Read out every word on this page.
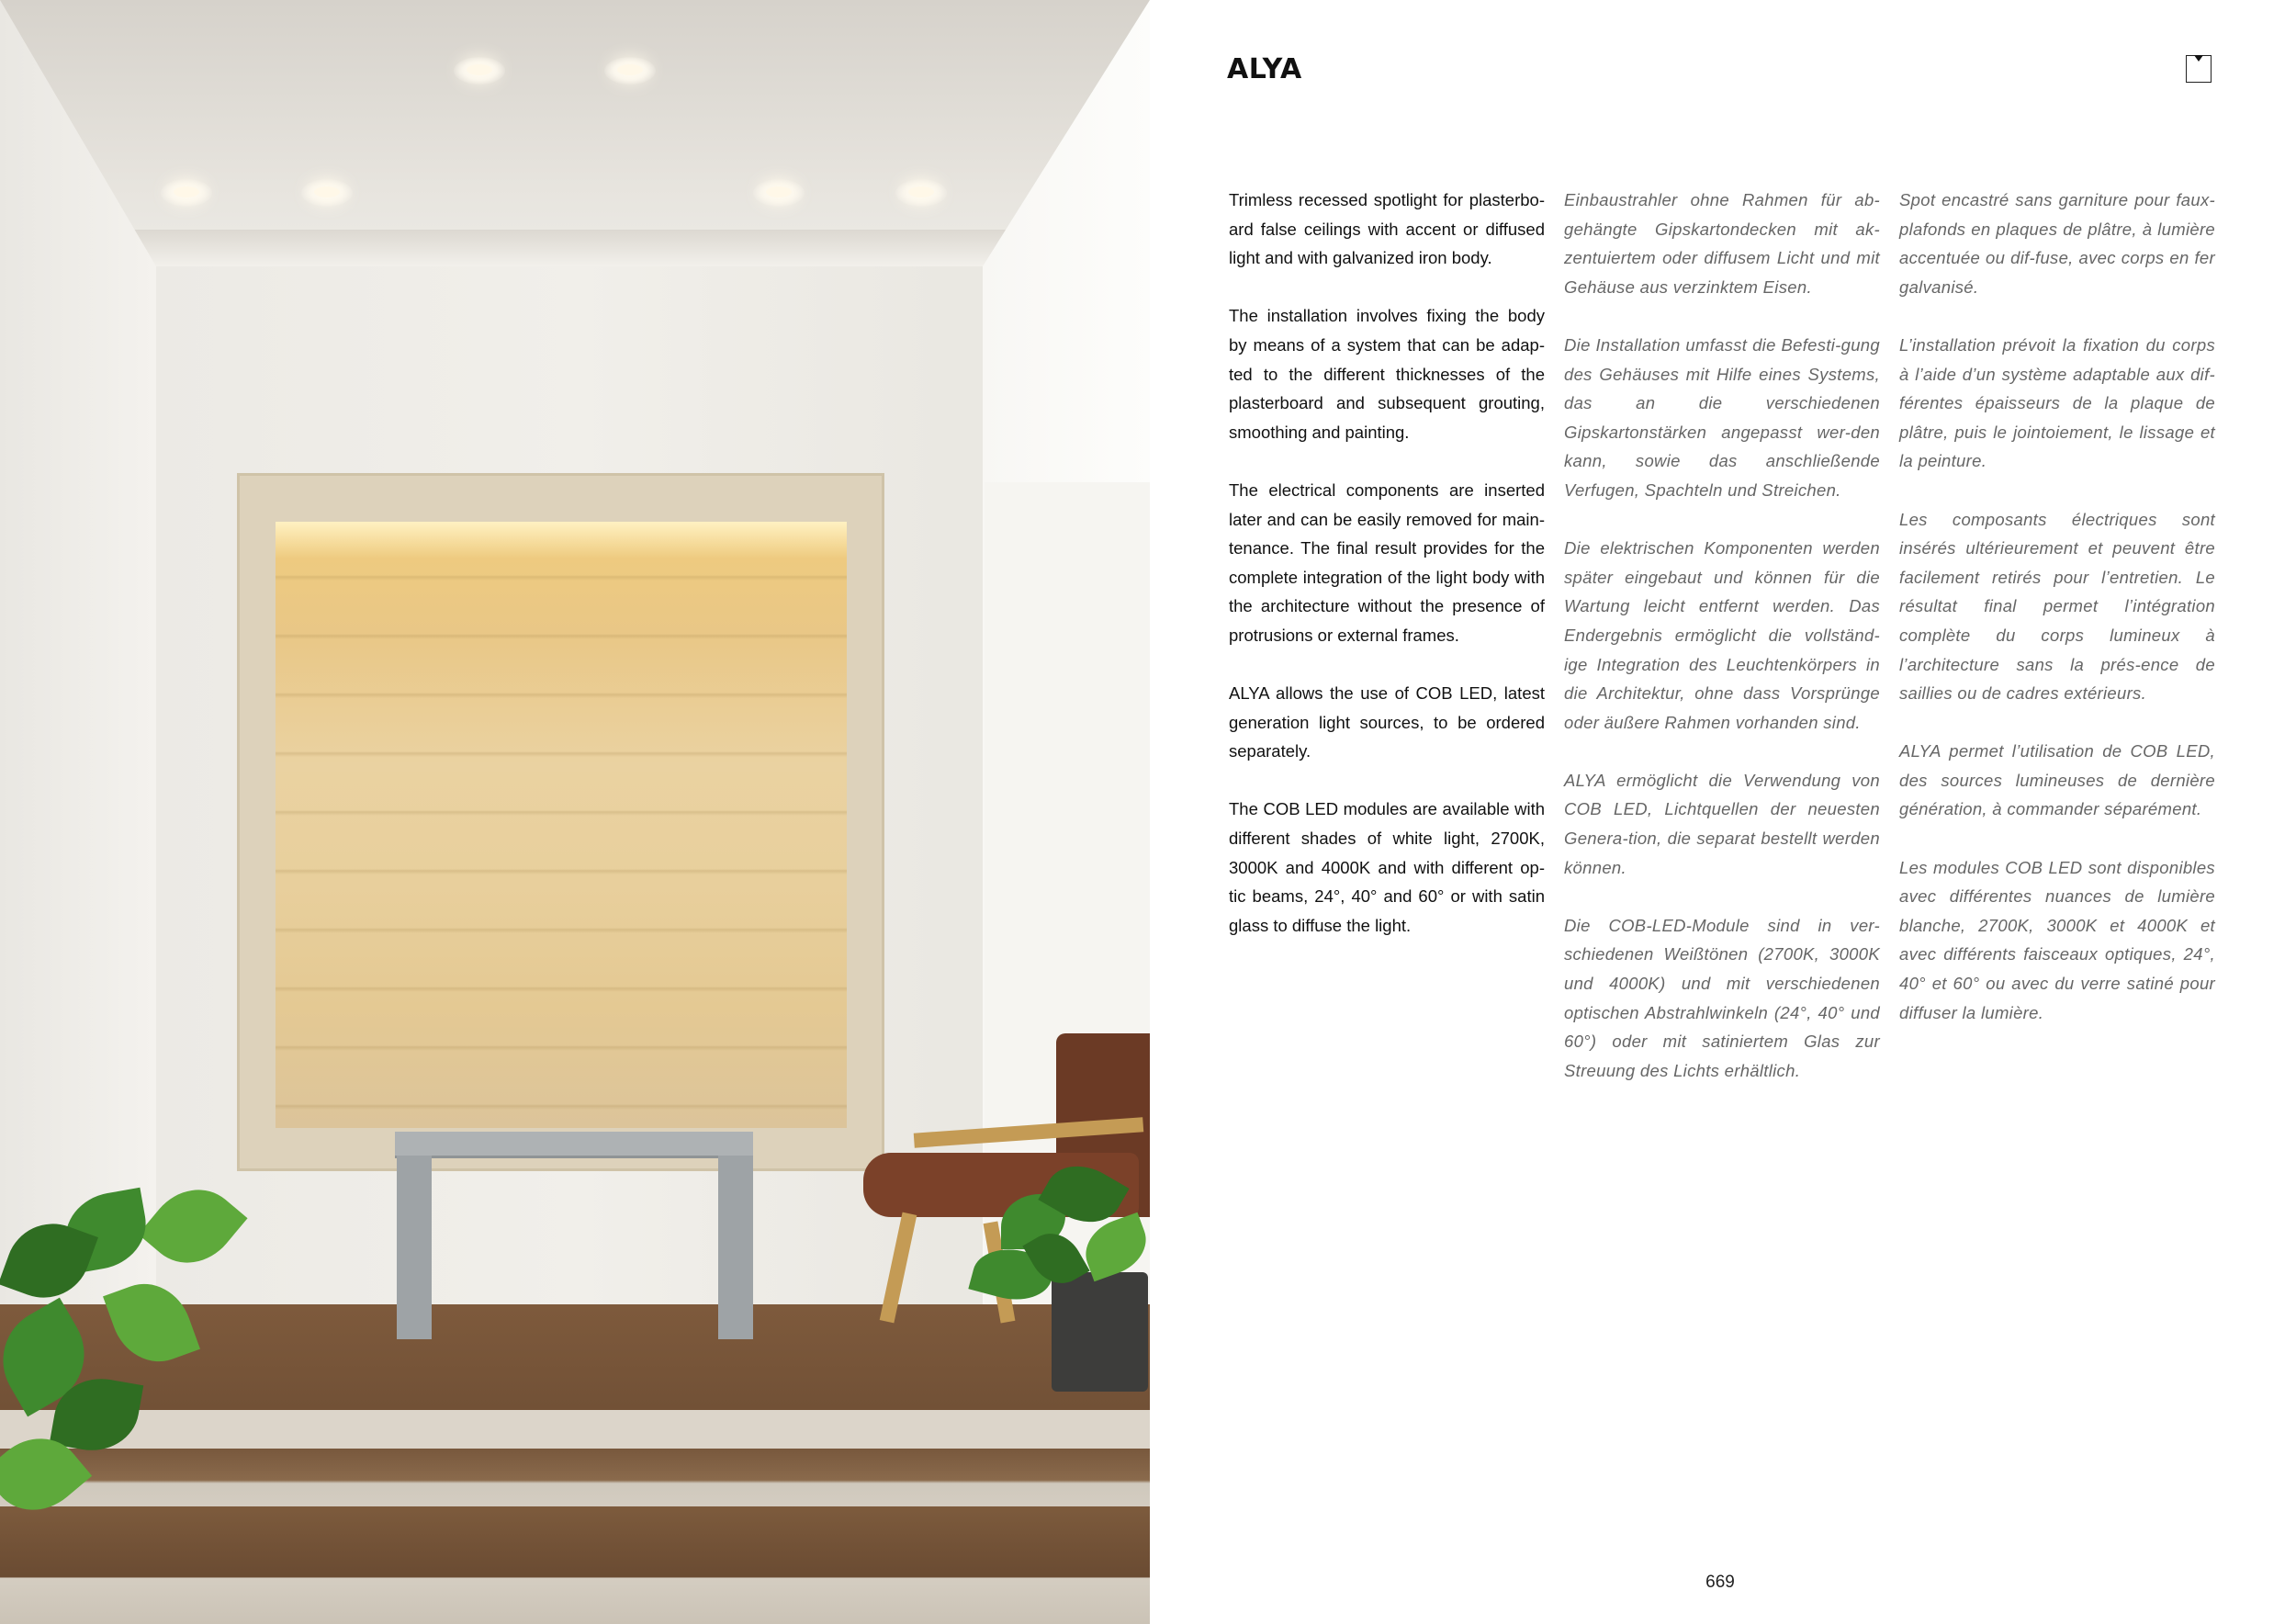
ALYA

Trimless recessed spotlight for plasterbo-ard false ceilings with accent or diffused light and with galvanized iron body.

The installation involves fixing the body by means of a system that can be adap-ted to the different thicknesses of the plasterboard and subsequent grouting, smoothing and painting.

The electrical components are inserted later and can be easily removed for main-tenance. The final result provides for the complete integration of the light body with the architecture without the presence of protrusions or external frames.

ALYA allows the use of COB LED, latest generation light sources, to be ordered separately.

The COB LED modules are available with different shades of white light, 2700K, 3000K and 4000K and with different op-tic beams, 24°, 40° and 60° or with satin glass to diffuse the light.

Einbaustrahler ohne Rahmen für ab-gehängte Gipskartondecken mit ak-zentuiertem oder diffusem Licht und mit Gehäuse aus verzinktem Eisen.

Die Installation umfasst die Befesti-gung des Gehäuses mit Hilfe eines Systems, das an die verschiedenen Gipskartonstärken angepasst wer-den kann, sowie das anschließende Verfugen, Spachteln und Streichen.

Die elektrischen Komponenten werden später eingebaut und können für die Wartung leicht entfernt werden. Das Endergebnis ermöglicht die vollständ-ige Integration des Leuchtenkörpers in die Architektur, ohne dass Vorsprünge oder äußere Rahmen vorhanden sind.

ALYA ermöglicht die Verwendung von COB LED, Lichtquellen der neuesten Genera-tion, die separat bestellt werden können.

Die COB-LED-Module sind in ver-schiedenen Weißtönen (2700K, 3000K und 4000K) und mit verschiedenen optischen Abstrahlwinkeln (24°, 40° und 60°) oder mit satiniertem Glas zur Streuung des Lichts erhältlich.

Spot encastré sans garniture pour faux-plafonds en plaques de plâtre, à lumière accentuée ou dif-fuse, avec corps en fer galvanisé.

L’installation prévoit la fixation du corps à l’aide d’un système adaptable aux dif-férentes épaisseurs de la plaque de plâtre, puis le jointoiement, le lissage et la peinture.

Les composants électriques sont insérés ultérieurement et peuvent être facilement retirés pour l’entretien. Le résultat final permet l’intégration complète du corps lumineux à l’architecture sans la prés-ence de saillies ou de cadres extérieurs.

ALYA permet l’utilisation de COB LED, des sources lumineuses de dernière génération, à commander séparément.

Les modules COB LED sont disponibles avec différentes nuances de lumière blanche, 2700K, 3000K et 4000K et avec différents faisceaux optiques, 24°, 40° et 60° ou avec du verre satiné pour diffuser la lumière.

669
